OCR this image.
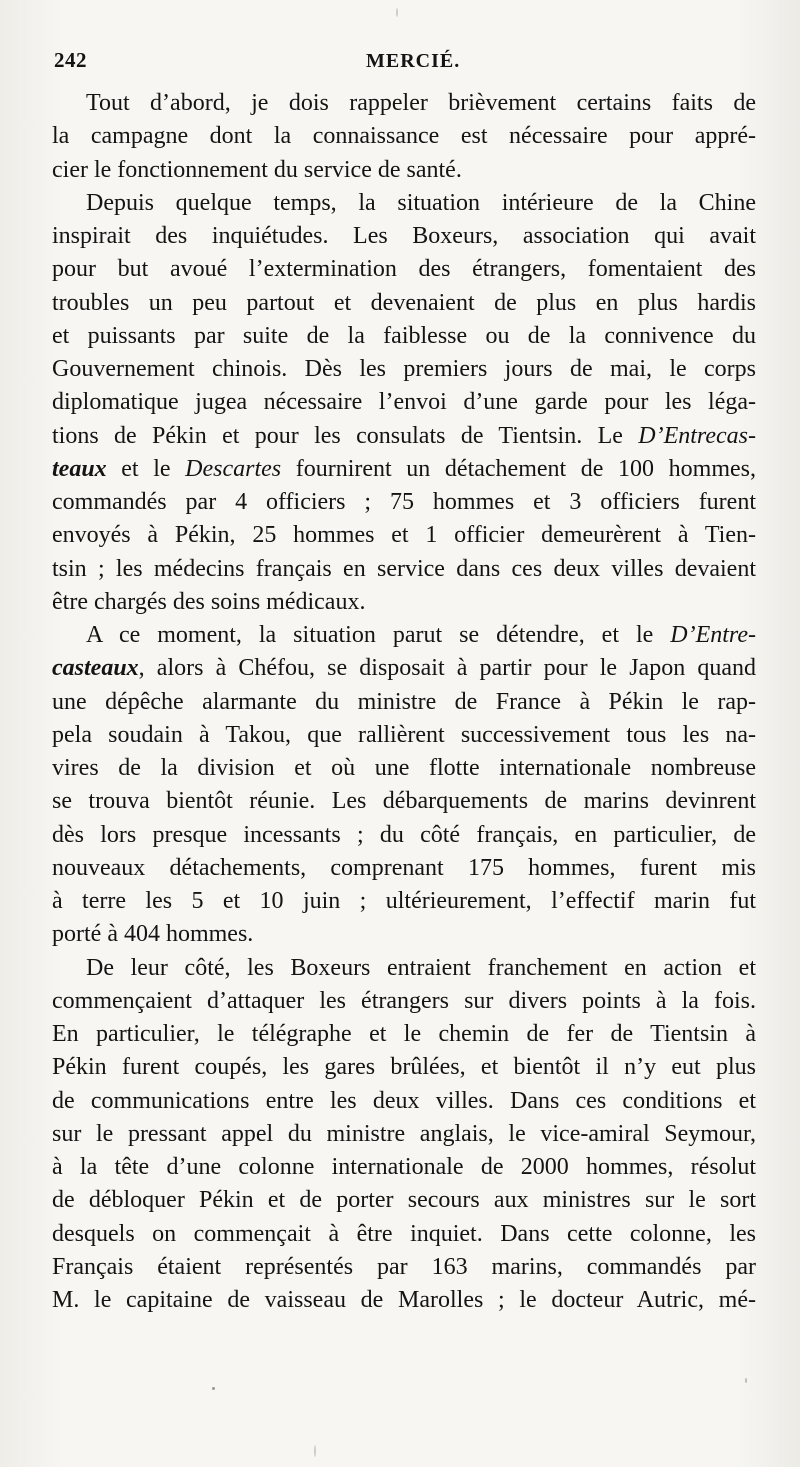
242	MERCIÉ.
Tout d’abord, je dois rappeler brièvement certains faits de
la campagne dont la connaissance est nécessaire pour appré-
cier le fonctionnement du service de santé.
Depuis quelque temps, la situation intérieure de la Chine
inspirait des inquiétudes. Les Boxeurs, association qui avait
pour but avoué l’extermination des étrangers, fomentaient des
troubles un peu partout et devenaient de plus en plus hardis
et puissants par suite de la faiblesse ou de la connivence du
Gouvernement chinois. Dès les premiers jours de mai, le corps
diplomatique jugea nécessaire l’envoi d’une garde pour les léga-
tions de Pékin et pour les consulats de Tientsin. Le D’Entrecas-
teaux et le Descartes fournirent un détachement de 100 hommes,
commandés par 4 officiers ; 75 hommes et 3 officiers furent
envoyés à Pékin, 25 hommes et 1 officier demeurèrent à Tien-
tsin ; les médecins français en service dans ces deux villes devaient
être chargés des soins médicaux.
A ce moment, la situation parut se détendre, et le D’Entre-
casteaux, alors à Chéfou, se disposait à partir pour le Japon quand
une dépêche alarmante du ministre de France à Pékin le rap-
pela soudain à Takou, que rallièrent successivement tous les na-
vires de la division et où une flotte internationale nombreuse
se trouva bientôt réunie. Les débarquements de marins devinrent
dès lors presque incessants ; du côté français, en particulier, de
nouveaux détachements, comprenant 175 hommes, furent mis
à terre les 5 et 10 juin ; ultérieurement, l’effectif marin fut
porté à 404 hommes.
De leur côté, les Boxeurs entraient franchement en action et
commençaient d’attaquer les étrangers sur divers points à la fois.
En particulier, le télégraphe et le chemin de fer de Tientsin à
Pékin furent coupés, les gares brûlées, et bientôt il n’y eut plus
de communications entre les deux villes. Dans ces conditions et
sur le pressant appel du ministre anglais, le vice-amiral Seymour,
à la tête d’une colonne internationale de 2000 hommes, résolut
de débloquer Pékin et de porter secours aux ministres sur le sort
desquels on commençait à être inquiet. Dans cette colonne, les
Français étaient représentés par 163 marins, commandés par
M. le capitaine de vaisseau de Marolles ; le docteur Autric, mé-
